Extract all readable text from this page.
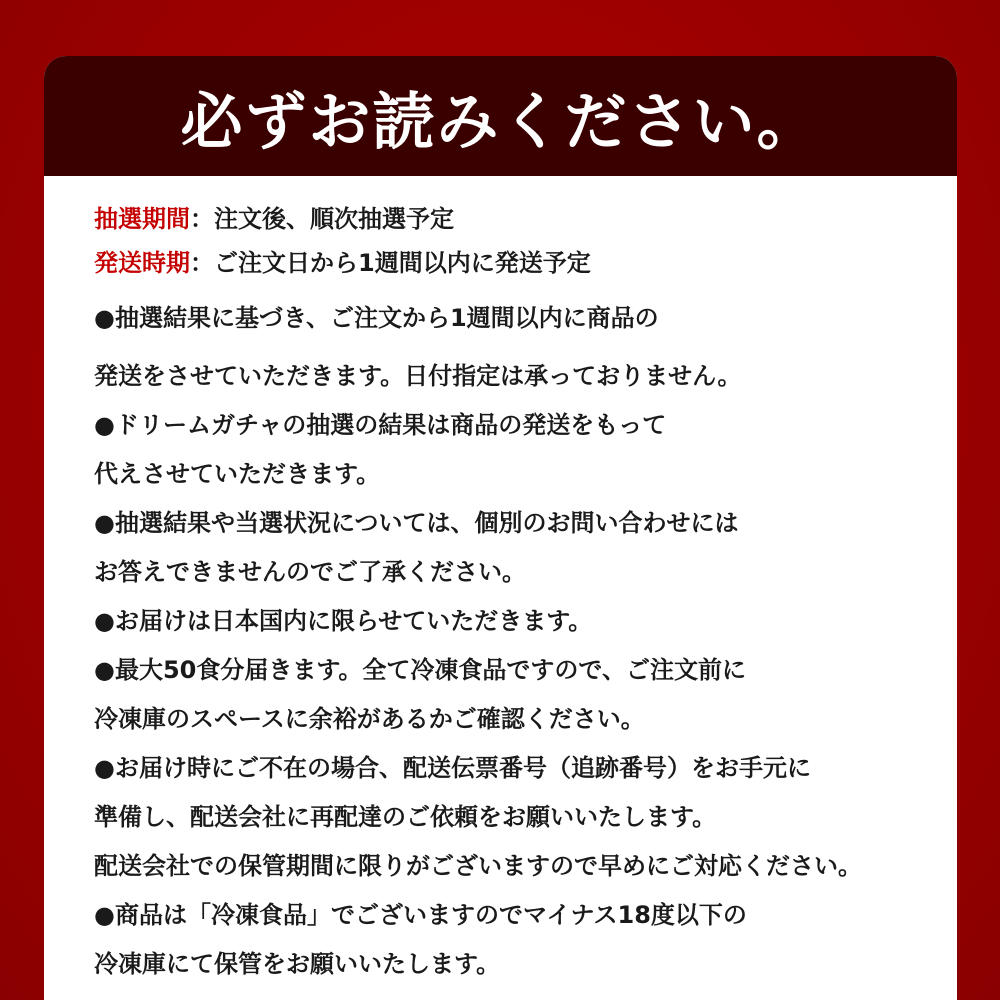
必ずお読みください。
抽選期間：注文後、順次抽選予定
発送時期：ご注文日から1週間以内に発送予定
●抽選結果に基づき、ご注文から1週間以内に商品の
発送をさせていただきます。日付指定は承っておりません。
●ドリームガチャの抽選の結果は商品の発送をもって
代えさせていただきます。
●抽選結果や当選状況については、個別のお問い合わせには
お答えできませんのでご了承ください。
●お届けは日本国内に限らせていただきます。
●最大50食分届きます。全て冷凍食品ですので、ご注文前に
冷凍庫のスペースに余裕があるかご確認ください。
●お届け時にご不在の場合、配送伝票番号（追跡番号）をお手元に
準備し、配送会社に再配達のご依頼をお願いいたします。
配送会社での保管期間に限りがございますので早めにご対応ください。
●商品は「冷凍食品」でございますのでマイナス18度以下の
冷凍庫にて保管をお願いいたします。
